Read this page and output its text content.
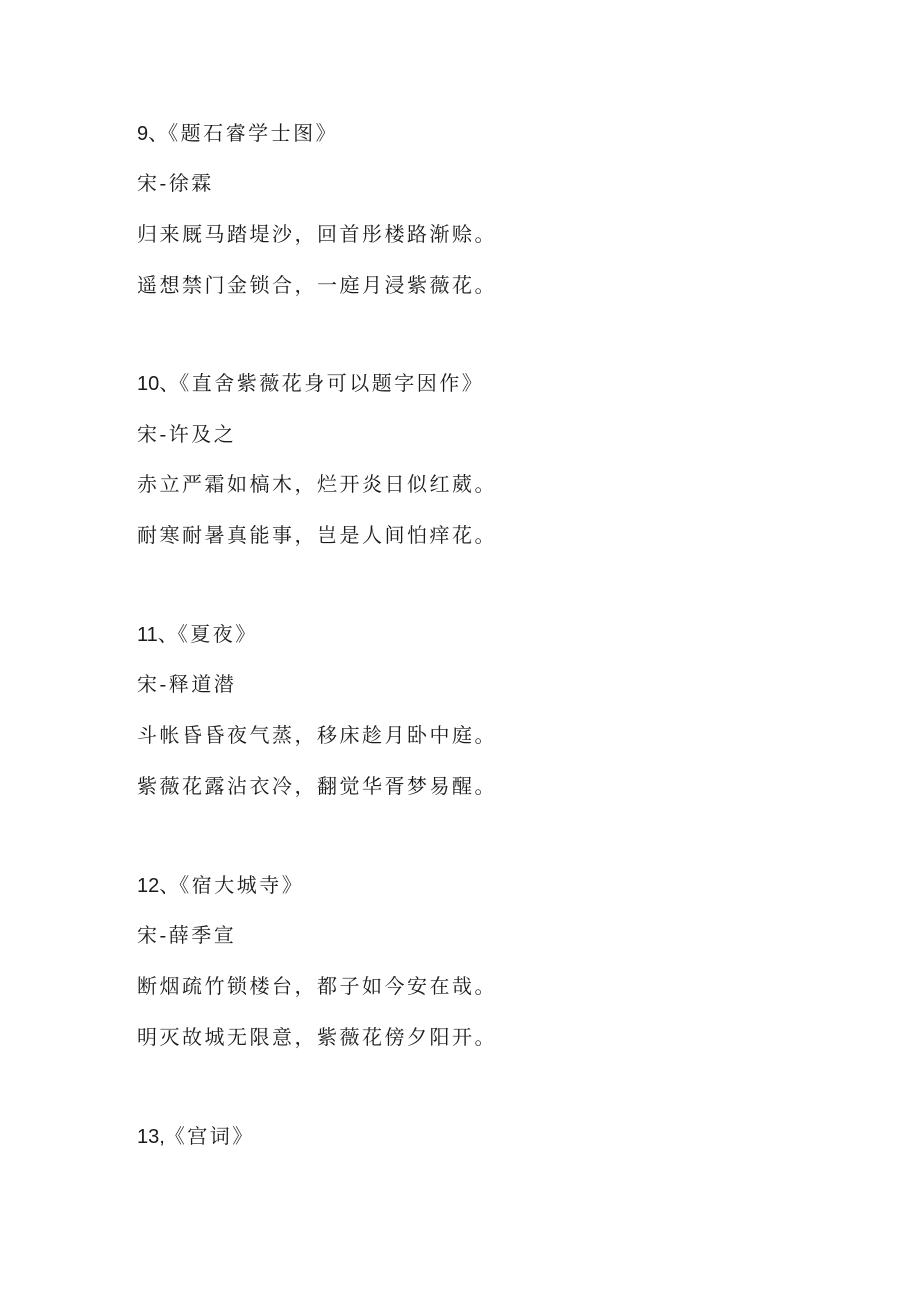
9、《题石睿学士图》
宋-徐霖
归来厩马踏堤沙，回首彤楼路渐赊。
遥想禁门金锁合，一庭月浸紫薇花。
10、《直舍紫薇花身可以题字因作》
宋-许及之
赤立严霜如槁木，烂开炎日似红葳。
耐寒耐暑真能事，岂是人间怕痒花。
11、《夏夜》
宋-释道潜
斗帐昏昏夜气蒸，移床趁月卧中庭。
紫薇花露沾衣冷，翻觉华胥梦易醒。
12、《宿大城寺》
宋-薛季宣
断烟疏竹锁楼台，都子如今安在哉。
明灭故城无限意，紫薇花傍夕阳开。
13,《宫词》
